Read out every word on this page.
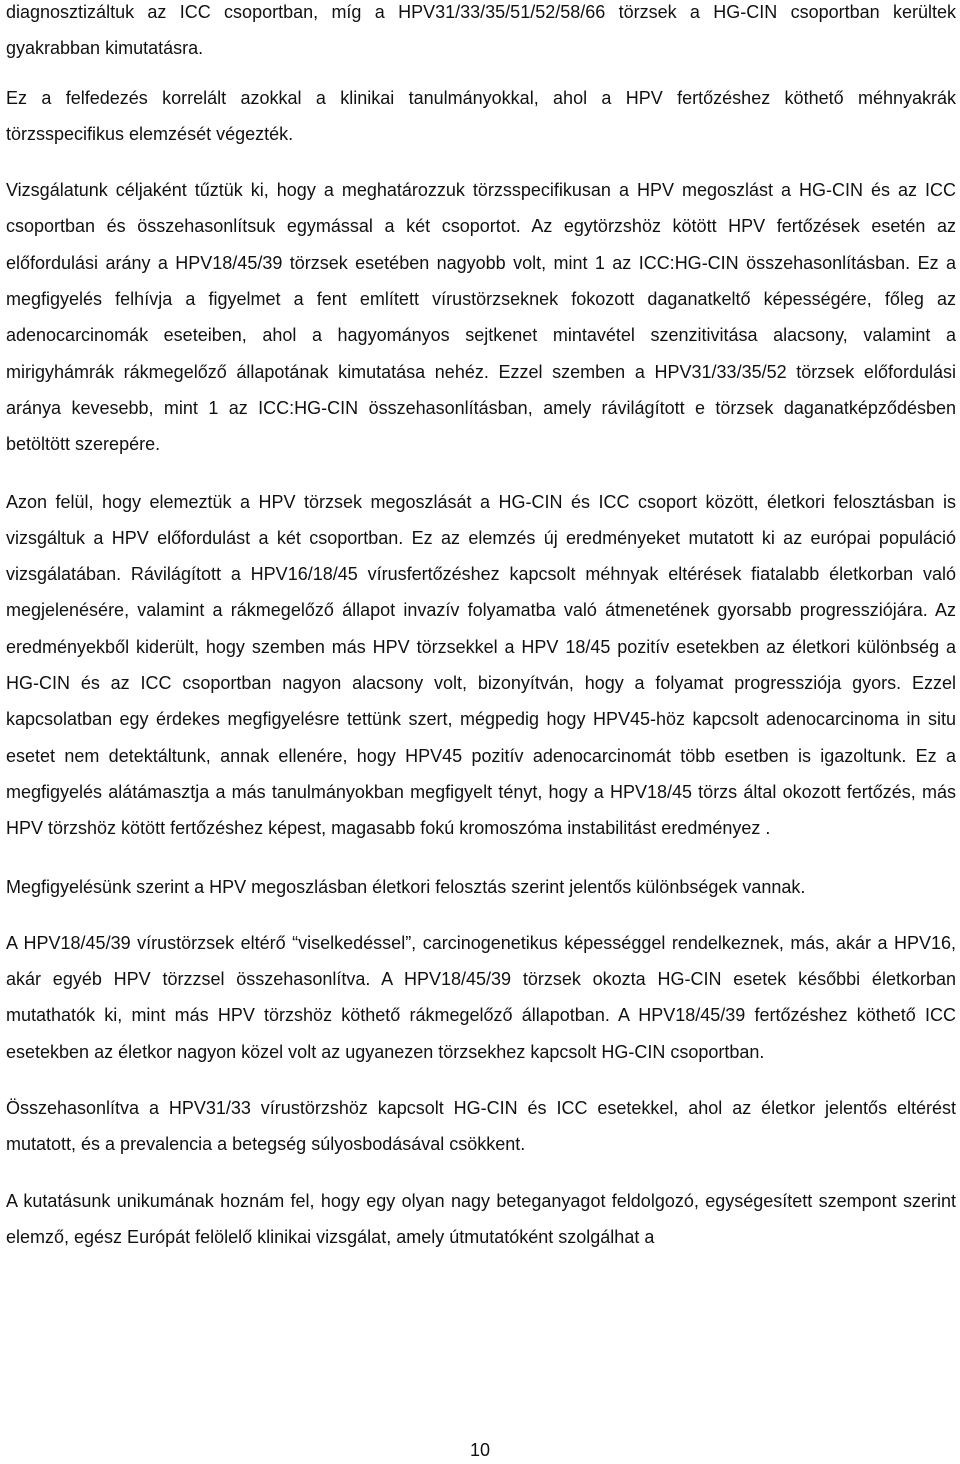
diagnosztizáltuk az ICC csoportban, míg a HPV31/33/35/51/52/58/66 törzsek a HG-CIN csoportban kerültek gyakrabban kimutatásra.

Ez a felfedezés korrelált azokkal a klinikai tanulmányokkal, ahol a HPV fertőzéshez köthető méhnyakrák törzsspecifikus elemzését végezték.

Vizsgálatunk céljaként tűztük ki, hogy a meghatározzuk törzsspecifikusan a HPV megoszlást a HG-CIN és az ICC csoportban és összehasonlítsuk egymással a két csoportot. Az egytörzshöz kötött HPV fertőzések esetén az előfordulási arány a HPV18/45/39 törzsek esetében nagyobb volt, mint 1 az ICC:HG-CIN összehasonlításban. Ez a megfigyelés felhívja a figyelmet a fent említett vírustörzseknek fokozott daganatkeltő képességére, főleg az adenocarcinomák eseteiben, ahol a hagyományos sejtkenet mintavétel szenzitivitása alacsony, valamint a mirigyhámrák rákmegelőző állapotának kimutatása nehéz. Ezzel szemben a HPV31/33/35/52 törzsek előfordulási aránya kevesebb, mint 1 az ICC:HG-CIN összehasonlításban, amely rávilágított e törzsek daganatképződésben betöltött szerepére.

Azon felül, hogy elemeztük a HPV törzsek megoszlását a HG-CIN és ICC csoport között, életkori felosztásban is vizsgáltuk a HPV előfordulást a két csoportban. Ez az elemzés új eredményeket mutatott ki az európai populáció vizsgálatában. Rávilágított a HPV16/18/45 vírusfertőzéshez kapcsolt méhnyak eltérések fiatalabb életkorban való megjelenésére, valamint a rákmegelőző állapot invazív folyamatba való átmenetének gyorsabb progressziójára. Az eredményekből kiderült, hogy szemben más HPV törzsekkel a HPV 18/45 pozitív esetekben az életkori különbség a HG-CIN és az ICC csoportban nagyon alacsony volt, bizonyítván, hogy a folyamat progressziója gyors. Ezzel kapcsolatban egy érdekes megfigyelésre tettünk szert, mégpedig hogy HPV45-höz kapcsolt adenocarcinoma in situ esetet nem detektáltunk, annak ellenére, hogy HPV45 pozitív adenocarcinomát több esetben is igazoltunk. Ez a megfigyelés alátámasztja a más tanulmányokban megfigyelt tényt, hogy a HPV18/45 törzs által okozott fertőzés, más HPV törzshöz kötött fertőzéshez képest, magasabb fokú kromoszóma instabilitást eredményez .

Megfigyelésünk szerint a HPV megoszlásban életkori felosztás szerint jelentős különbségek vannak.

A HPV18/45/39 vírustörzsek eltérő “viselkedéssel”, carcinogenetikus képességgel rendelkeznek, más, akár a HPV16, akár egyéb HPV törzzsel összehasonlítva. A HPV18/45/39 törzsek okozta HG-CIN esetek későbbi életkorban mutathatók ki, mint más HPV törzshöz köthető rákmegelőző állapotban. A HPV18/45/39 fertőzéshez köthető ICC esetekben az életkor nagyon közel volt az ugyanezen törzsekhez kapcsolt HG-CIN csoportban.

Összehasonlítva a HPV31/33 vírustörzshöz kapcsolt HG-CIN és ICC esetekkel, ahol az életkor jelentős eltérést mutatott, és a prevalencia a betegség súlyosbodásával csökkent.

A kutatásunk unikumának hoznám fel, hogy egy olyan nagy beteganyagot feldolgozó, egységesített szempont szerint elemző, egész Európát felölelő klinikai vizsgálat, amely útmutatóként szolgálhat a

10
